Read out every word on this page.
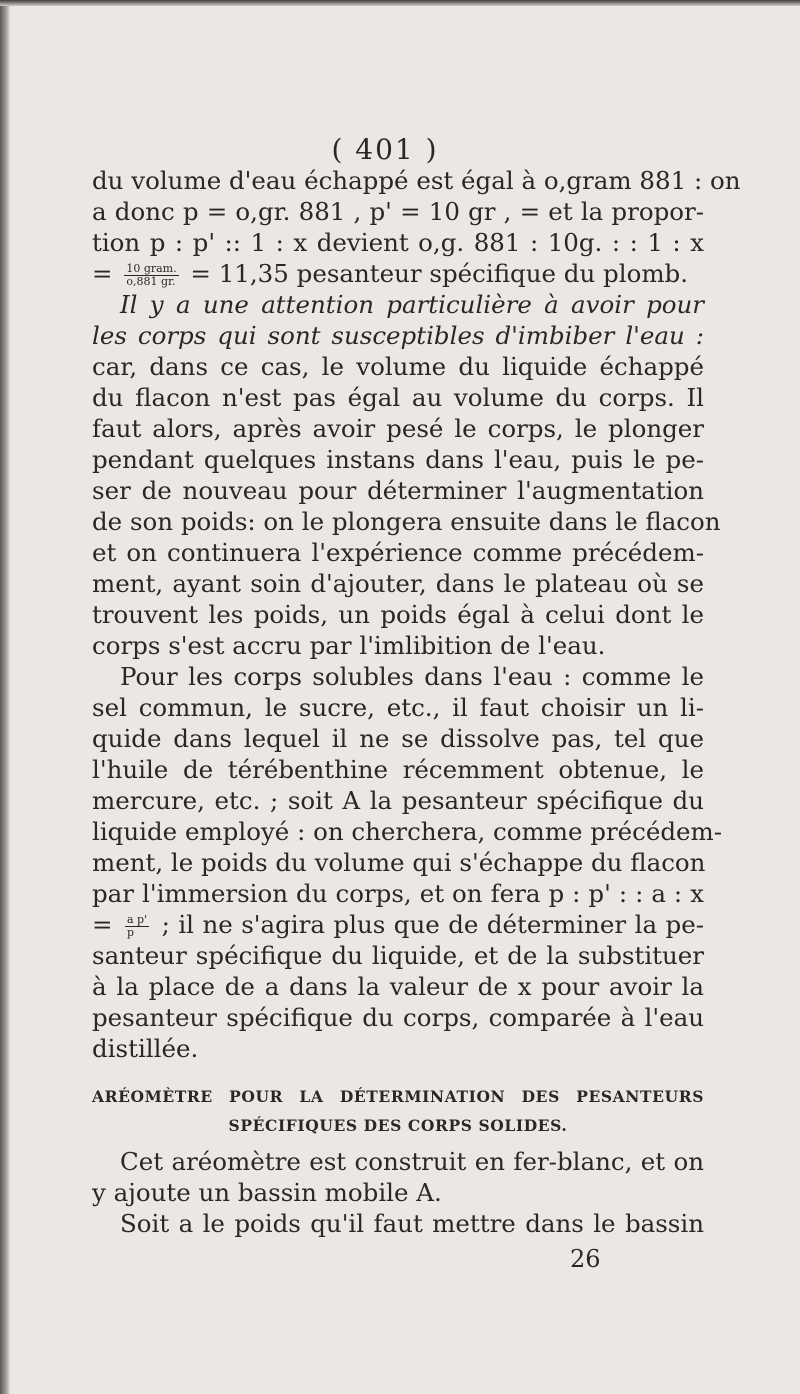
( 401 )
du volume d'eau échappé est égal à o,gram 881 : on
a donc p = o,gr. 881 , p' = 10 gr , = et la propor-
tion p : p' :: 1 : x devient o,g. 881 : 10g. : : 1 : x
= $\frac{\text{10 gram.}}{o,881 gr.} = 11,35$ pesanteur spécifique du plomb.
Il y a une attention particulière à avoir pour
les corps qui sont susceptibles d'imbiber l'eau :
car, dans ce cas, le volume du liquide échappé
du flacon n'est pas égal au volume du corps. Il
faut alors, après avoir pesé le corps, le plonger
pendant quelques instans dans l'eau, puis le pe-
ser de nouveau pour déterminer l'augmentation
de son poids: on le plongera ensuite dans le flacon
et on continuera l'expérience comme précédem-
ment, ayant soin d'ajouter, dans le plateau où se
trouvent les poids, un poids égal à celui dont le
corps s'est accru par l'imlibition de l'eau.
Pour les corps solubles dans l'eau : comme le
sel commun, le sucre, etc., il faut choisir un li-
quide dans lequel il ne se dissolve pas, tel que
l'huile de térébenthine récemment obtenue, le
mercure, etc. ; soit A la pesanteur spécifique du
liquide employé : on cherchera, comme précédem-
ment, le poids du volume qui s'échappe du flacon
par l'immersion du corps, et on fera p : p' : : a : x
= $\frac{\text{a p'}}{p}$ ; il ne s'agira plus que de déterminer la pe-
santeur spécifique du liquide, et de la substituer
à la place de a dans la valeur de x pour avoir la
pesanteur spécifique du corps, comparée à l'eau
distillée.
ARÉOMÈTRE POUR LA DÉTERMINATION DES PESANTEURS
SPÉCIFIQUES DES CORPS SOLIDES.
Cet aréomètre est construit en fer-blanc, et on
y ajoute un bassin mobile A.
Soit a le poids qu'il faut mettre dans le bassin
26
